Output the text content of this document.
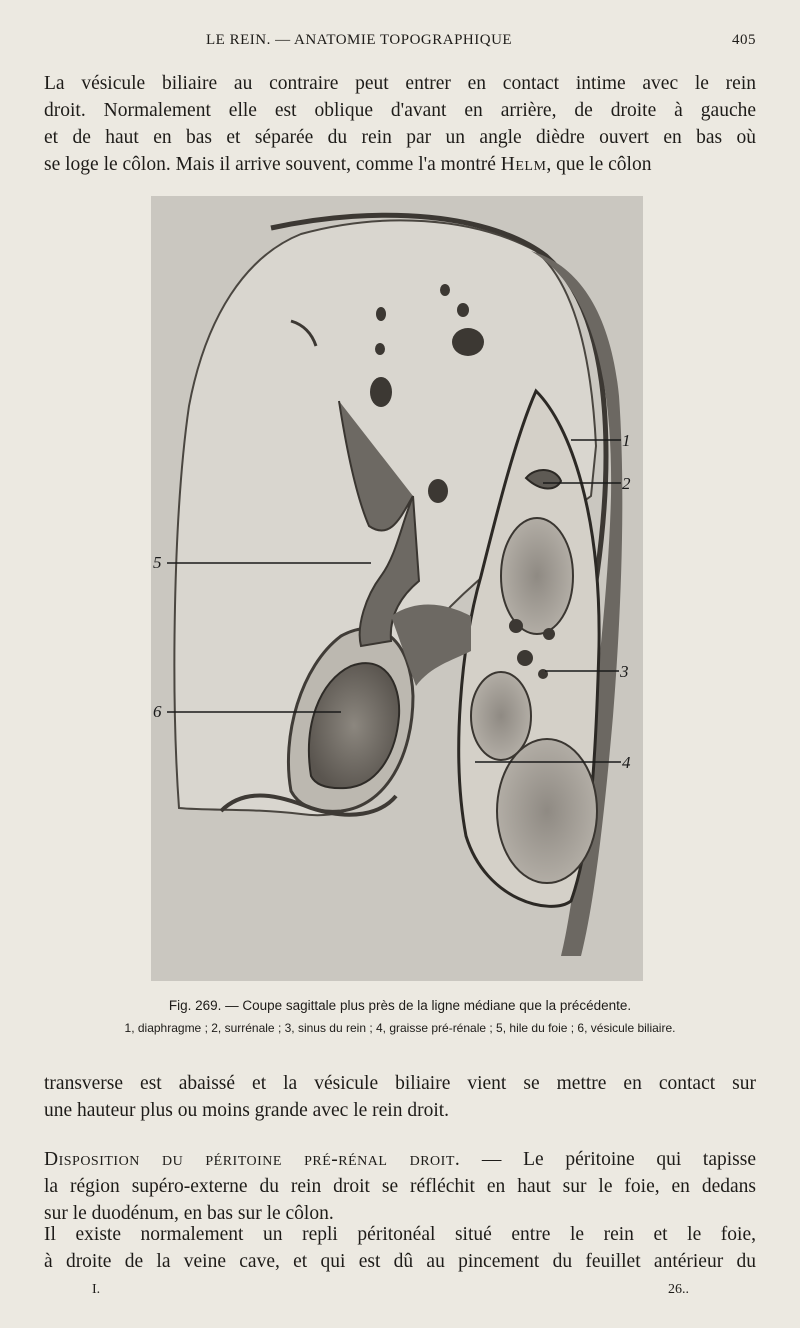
LE REIN. — ANATOMIE TOPOGRAPHIQUE	405
La vésicule biliaire au contraire peut entrer en contact intime avec le rein
droit. Normalement elle est oblique d'avant en arrière, de droite à gauche
et de haut en bas et séparée du rein par un angle dièdre ouvert en bas où
se loge le côlon. Mais il arrive souvent, comme l'a montré Helm, que le côlon
1
2
3
4
5
6
Fig. 269. — Coupe sagittale plus près de la ligne médiane que la précédente.
1, diaphragme ; 2, surrénale ; 3, sinus du rein ; 4, graisse pré-rénale ; 5, hile du foie ; 6, vésicule biliaire.
transverse est abaissé et la vésicule biliaire vient se mettre en contact sur
une hauteur plus ou moins grande avec le rein droit.
Disposition du péritoine pré-rénal droit. — Le péritoine qui tapisse
la région supéro-externe du rein droit se réfléchit en haut sur le foie, en dedans
sur le duodénum, en bas sur le côlon.
Il existe normalement un repli péritonéal situé entre le rein et le foie,
à droite de la veine cave, et qui est dû au pincement du feuillet antérieur du
I.	26..
